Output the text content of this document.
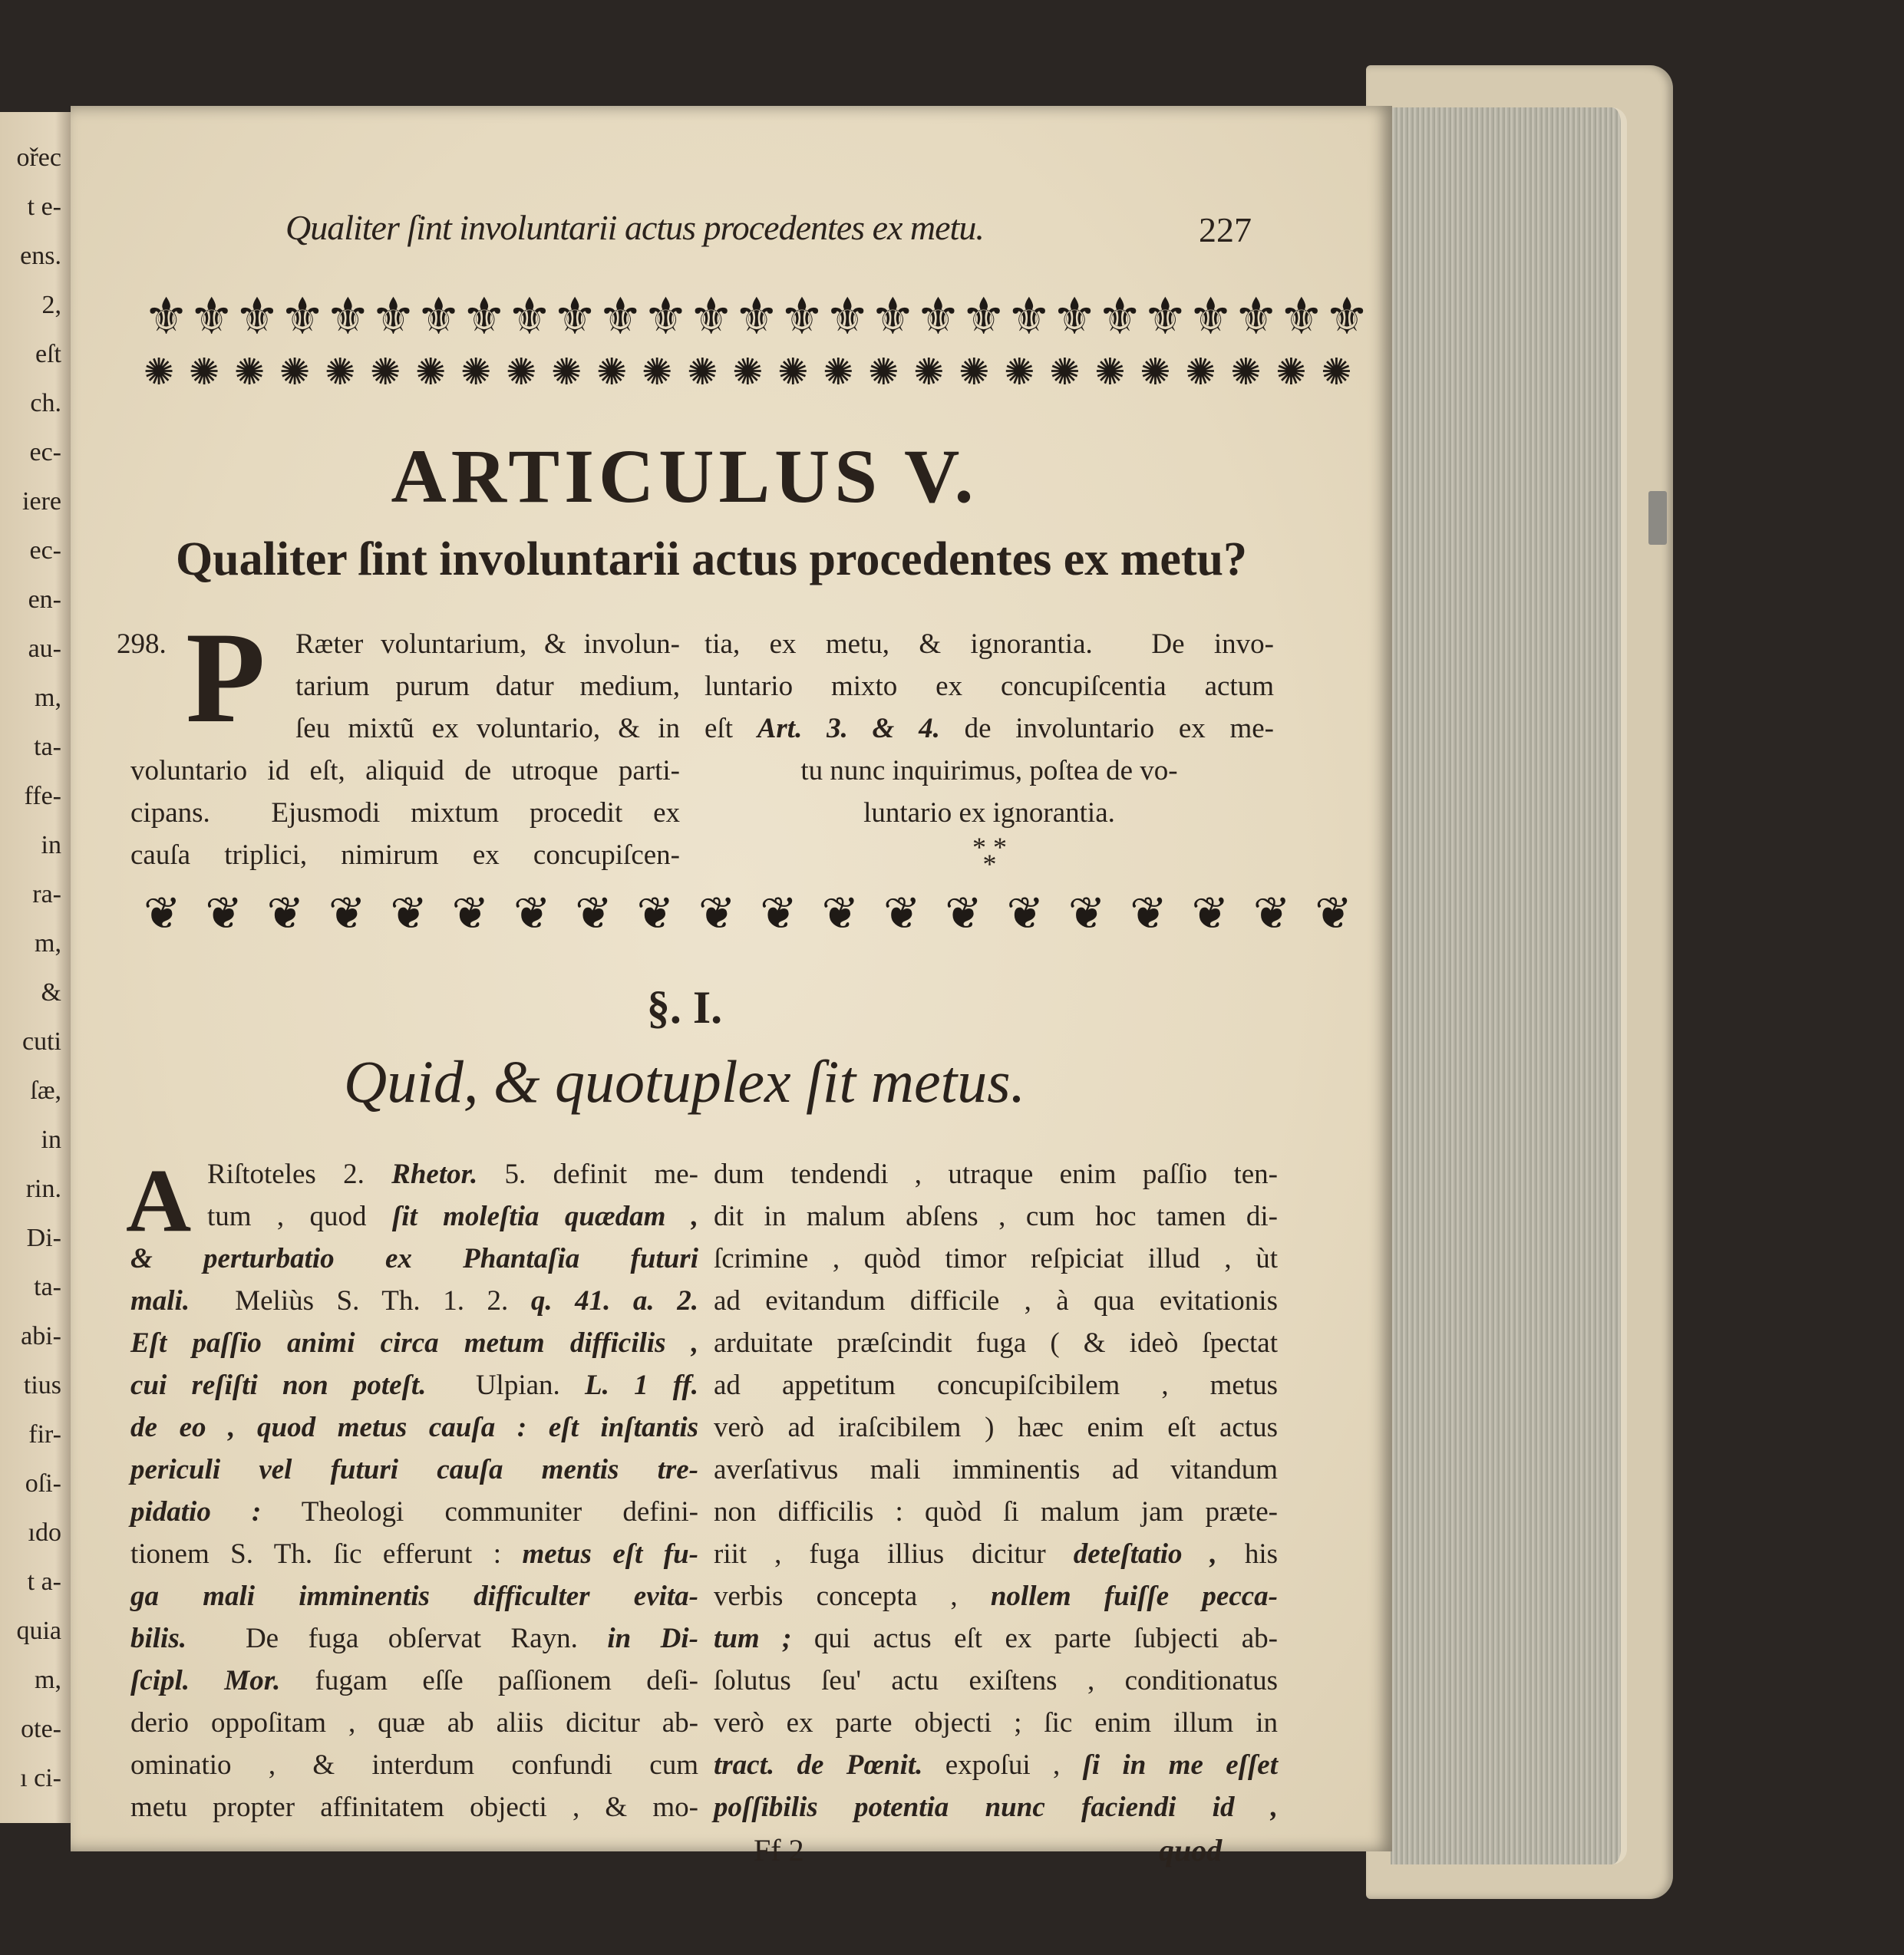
ořec
t e-
ens.
2,
eſt
ch.
ec-
iere
ec-
en-
au-
m,
ta-
ffe-
in
ra-
m,
&
cuti
ſæ,
in
rin.
Di-
ta-
abi-
tius
fir-
oſi-
ıdo
t a-
quia
m,
ote-
ı ci-
Qualiter ſint involuntarii actus procedentes ex metu.	227
⚜ ⚜ ⚜ ⚜ ⚜ ⚜ ⚜ ⚜ ⚜ ⚜ ⚜ ⚜ ⚜ ⚜ ⚜ ⚜ ⚜ ⚜ ⚜ ⚜ ⚜ ⚜ ⚜ ⚜ ⚜ ⚜ ⚜
✺ ✺ ✺ ✺ ✺ ✺ ✺ ✺ ✺ ✺ ✺ ✺ ✺ ✺ ✺ ✺ ✺ ✺ ✺ ✺ ✺ ✺ ✺ ✺ ✺ ✺ ✺
ARTICULUS V.
Qualiter ſint involuntarii actus procedentes ex metu?
298. P	Ræter voluntarium, & involun-
tarium purum datur medium,
ſeu mixtũ ex voluntario, & in
voluntario id eſt, aliquid de utroque parti-
cipans.  Ejusmodi mixtum procedit ex
cauſa triplici, nimirum ex concupiſcen-
tia, ex metu, & ignorantia.  De invo-
luntario mixto ex concupiſcentia actum
eſt Art. 3. & 4. de involuntario ex me-
tu nunc inquirimus, poſtea de vo-
luntario ex ignorantia.
* *
*
❦ ❦ ❦ ❦ ❦ ❦ ❦ ❦ ❦ ❦ ❦ ❦ ❦ ❦ ❦ ❦ ❦ ❦ ❦ ❦
§. I.
Quid, & quotuplex ſit metus.
A Riſtoteles 2. Rhetor. 5. definit me-
tum , quod ſit moleſtia quædam ,
& perturbatio ex Phantaſia futuri
mali.  Meliùs S. Th. 1. 2. q. 41. a. 2.
Eſt paſſio animi circa metum difficilis ,
cui reſiſti non poteſt.  Ulpian. L. 1 ff.
de eo , quod metus cauſa : eſt inſtantis
periculi vel futuri cauſa mentis tre-
pidatio : Theologi communiter defini-
tionem S. Th. ſic efferunt : metus eſt fu-
ga mali imminentis difficulter evita-
bilis.  De fuga obſervat Rayn. in Di-
ſcipl. Mor. fugam eſſe paſſionem deſi-
derio oppoſitam , quæ ab aliis dicitur ab-
ominatio , & interdum confundi cum
metu propter affinitatem objecti , & mo-
dum tendendi , utraque enim paſſio ten-
dit in malum abſens , cum hoc tamen di-
ſcrimine , quòd timor reſpiciat illud , ùt
ad evitandum difficile , à qua evitationis
arduitate præſcindit fuga ( & ideò ſpectat
ad appetitum concupiſcibilem , metus
verò ad iraſcibilem ) hæc enim eſt actus
averſativus mali imminentis ad vitandum
non difficilis : quòd ſi malum jam præte-
riit , fuga illius dicitur deteſtatio , his
verbis concepta , nollem fuiſſe pecca-
tum ; qui actus eſt ex parte ſubjecti ab-
ſolutus ſeu' actu exiſtens , conditionatus
verò ex parte objecti ; ſic enim illum in
tract. de Pœnit. expoſui , ſi in me eſſet
poſſibilis potentia nunc faciendi id ,
Ff 2	quod
